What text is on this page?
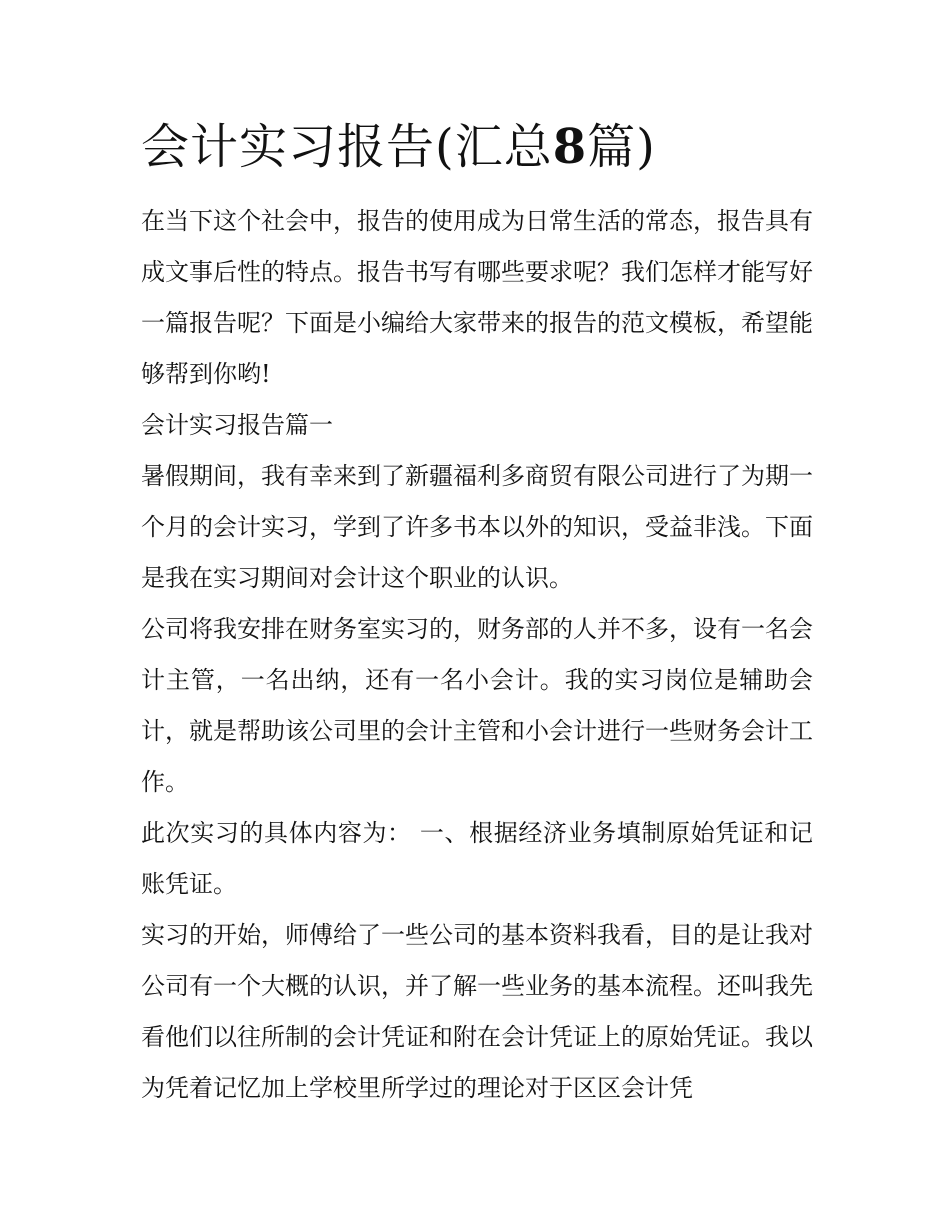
会计实习报告(汇总8篇)

在当下这个社会中，报告的使用成为日常生活的常态，报告具有成文事后性的特点。报告书写有哪些要求呢？我们怎样才能写好一篇报告呢？下面是小编给大家带来的报告的范文模板，希望能够帮到你哟!

会计实习报告篇一

暑假期间，我有幸来到了新疆福利多商贸有限公司进行了为期一个月的会计实习，学到了许多书本以外的知识，受益非浅。下面是我在实习期间对会计这个职业的认识。

公司将我安排在财务室实习的，财务部的人并不多，设有一名会计主管，一名出纳，还有一名小会计。我的实习岗位是辅助会计，就是帮助该公司里的会计主管和小会计进行一些财务会计工作。

此次实习的具体内容为： 一、根据经济业务填制原始凭证和记账凭证。

实习的开始，师傅给了一些公司的基本资料我看，目的是让我对公司有一个大概的认识，并了解一些业务的基本流程。还叫我先看他们以往所制的会计凭证和附在会计凭证上的原始凭证。我以为凭着记忆加上学校里所学过的理论对于区区会计凭
